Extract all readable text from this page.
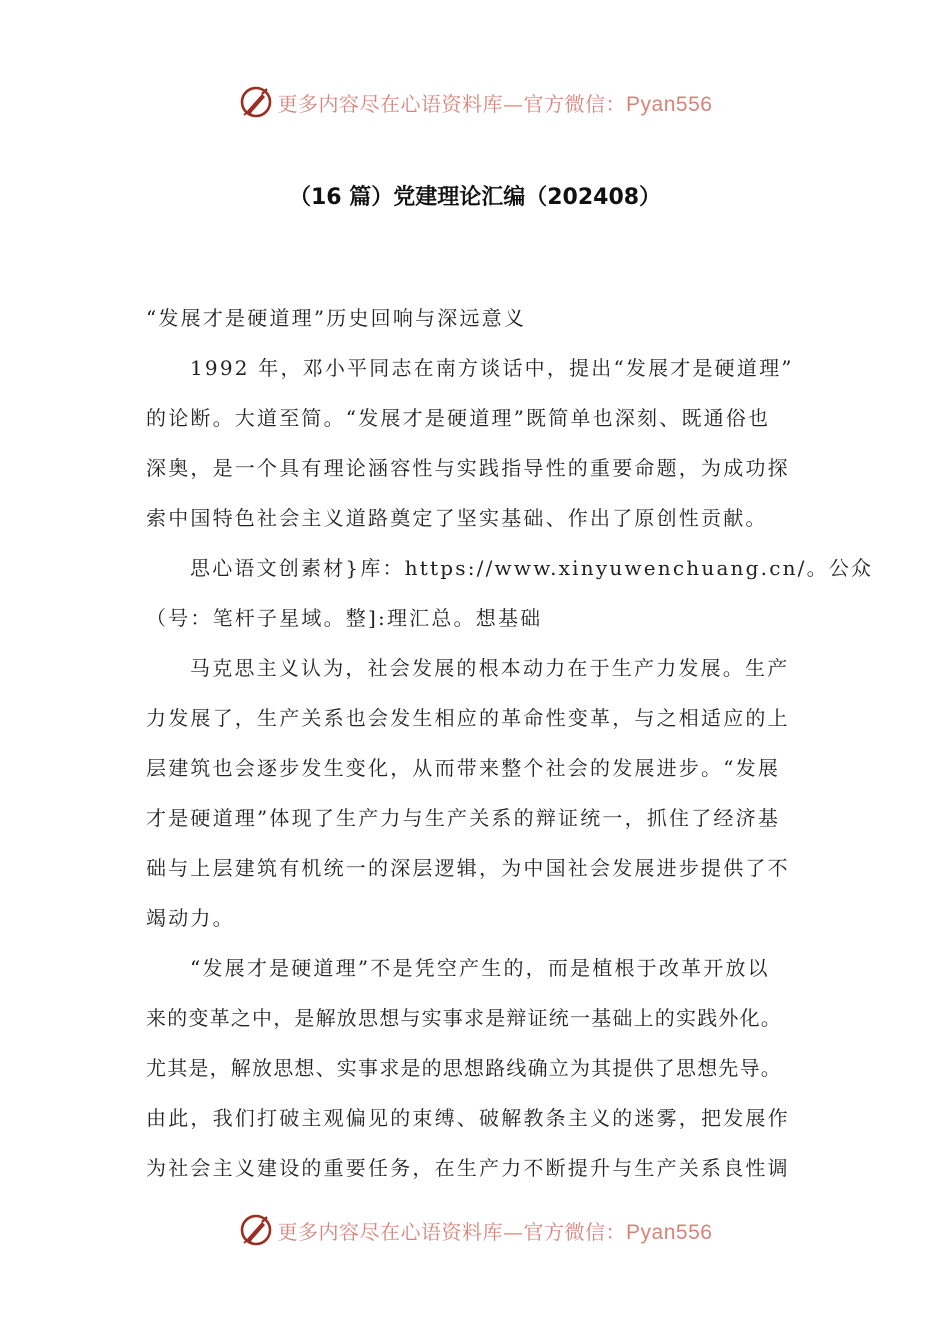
更多内容尽在心语资料库—官方微信：Pyan556
（16 篇）党建理论汇编（202408）
“发展才是硬道理”历史回响与深远意义
1992 年，邓小平同志在南方谈话中，提出“发展才是硬道理”
的论断。大道至简。“发展才是硬道理”既简单也深刻、既通俗也
深奥，是一个具有理论涵容性与实践指导性的重要命题，为成功探
索中国特色社会主义道路奠定了坚实基础、作出了原创性贡献。
思心语文创素材}库：https://www.xinyuwenchuang.cn/。公众
（号：笔杆子星域。整]:理汇总。想基础
马克思主义认为，社会发展的根本动力在于生产力发展。生产
力发展了，生产关系也会发生相应的革命性变革，与之相适应的上
层建筑也会逐步发生变化，从而带来整个社会的发展进步。“发展
才是硬道理”体现了生产力与生产关系的辩证统一，抓住了经济基
础与上层建筑有机统一的深层逻辑，为中国社会发展进步提供了不
竭动力。
“发展才是硬道理”不是凭空产生的，而是植根于改革开放以
来的变革之中，是解放思想与实事求是辩证统一基础上的实践外化。
尤其是，解放思想、实事求是的思想路线确立为其提供了思想先导。
由此，我们打破主观偏见的束缚、破解教条主义的迷雾，把发展作
为社会主义建设的重要任务，在生产力不断提升与生产关系良性调
更多内容尽在心语资料库—官方微信：Pyan556
